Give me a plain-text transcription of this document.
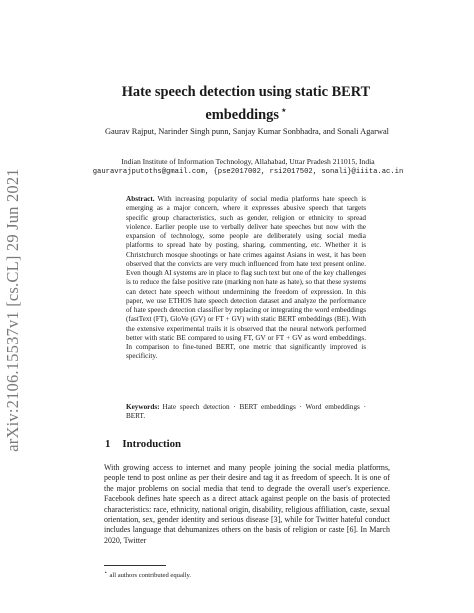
arXiv:2106.15537v1 [cs.CL] 29 Jun 2021
Hate speech detection using static BERT embeddings ⋆
Gaurav Rajput, Narinder Singh punn, Sanjay Kumar Sonbhadra, and Sonali Agarwal
Indian Institute of Information Technology, Allahabad, Uttar Pradesh 211015, India
gauravrajputoths@gmail.com, {pse2017002, rsi2017502, sonali}@iiita.ac.in
Abstract. With increasing popularity of social media platforms hate speech is emerging as a major concern, where it expresses abusive speech that targets specific group characteristics, such as gender, religion or ethnicity to spread violence. Earlier people use to verbally deliver hate speeches but now with the expansion of technology, some people are deliberately using social media platforms to spread hate by posting, sharing, commenting, etc. Whether it is Christchurch mosque shootings or hate crimes against Asians in west, it has been observed that the convicts are very much influenced from hate text present online. Even though AI systems are in place to flag such text but one of the key challenges is to reduce the false positive rate (marking non hate as hate), so that these systems can detect hate speech without undermining the freedom of expression. In this paper, we use ETHOS hate speech detection dataset and analyze the performance of hate speech detection classifier by replacing or integrating the word embeddings (fastText (FT), GloVe (GV) or FT + GV) with static BERT embeddings (BE). With the extensive experimental trails it is observed that the neural network performed better with static BE compared to using FT, GV or FT + GV as word embeddings. In comparison to fine-tuned BERT, one metric that significantly improved is specificity.
Keywords: Hate speech detection · BERT embeddings · Word embeddings · BERT.
1 Introduction
With growing access to internet and many people joining the social media platforms, people tend to post online as per their desire and tag it as freedom of speech. It is one of the major problems on social media that tend to degrade the overall user's experience. Facebook defines hate speech as a direct attack against people on the basis of protected characteristics: race, ethnicity, national origin, disability, religious affiliation, caste, sexual orientation, sex, gender identity and serious disease [3], while for Twitter hateful conduct includes language that dehumanizes others on the basis of religion or caste [6]. In March 2020, Twitter
⋆ all authors contributed equally.
